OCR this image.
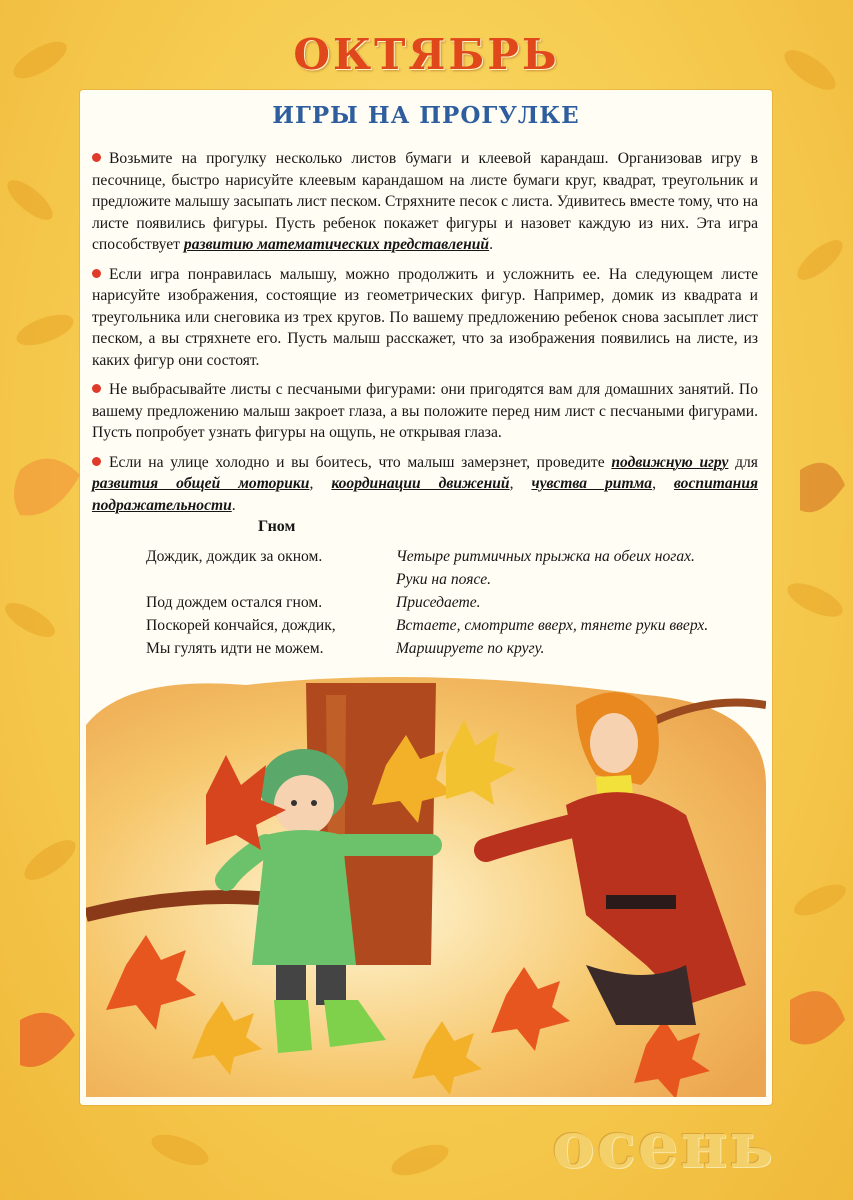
ОКТЯБРЬ
ИГРЫ НА ПРОГУЛКЕ

Возьмите на прогулку несколько листов бумаги и клеевой карандаш. Организовав игру в песочнице, быстро нарисуйте клеевым карандашом на листе бумаги круг, квадрат, треугольник и предложите малышу засыпать лист песком. Стряхните песок с листа. Удивитесь вместе тому, что на листе появились фигуры. Пусть ребенок покажет фигуры и назовет каждую из них. Эта игра способствует развитию математических представлений.

Если игра понравилась малышу, можно продолжить и усложнить ее. На следующем листе нарисуйте изображения, состоящие из геометрических фигур. Например, домик из квадрата и треугольника или снеговика из трех кругов. По вашему предложению ребенок снова засыплет лист песком, а вы стряхнете его. Пусть малыш расскажет, что за изображения появились на листе, из каких фигур они состоят.

Не выбрасывайте листы с песчаными фигурами: они пригодятся вам для домашних занятий. По вашему предложению малыш закроет глаза, а вы положите перед ним лист с песчаными фигурами. Пусть попробует узнать фигуры на ощупь, не открывая глаза.

Если на улице холодно и вы боитесь, что малыш замерзнет, проведите подвижную игру для развития общей моторики, координации движений, чувства ритма, воспитания подражательности.

Гном
Дождик, дождик за окном.	Четыре ритмичных прыжка на обеих ногах.
Руки на поясе.
Под дождем остался гном.	Приседаете.
Поскорей кончайся, дождик,	Встаете, смотрите вверх, тянете руки вверх.
Мы гулять идти не можем.	Маршируете по кругу.
осень
